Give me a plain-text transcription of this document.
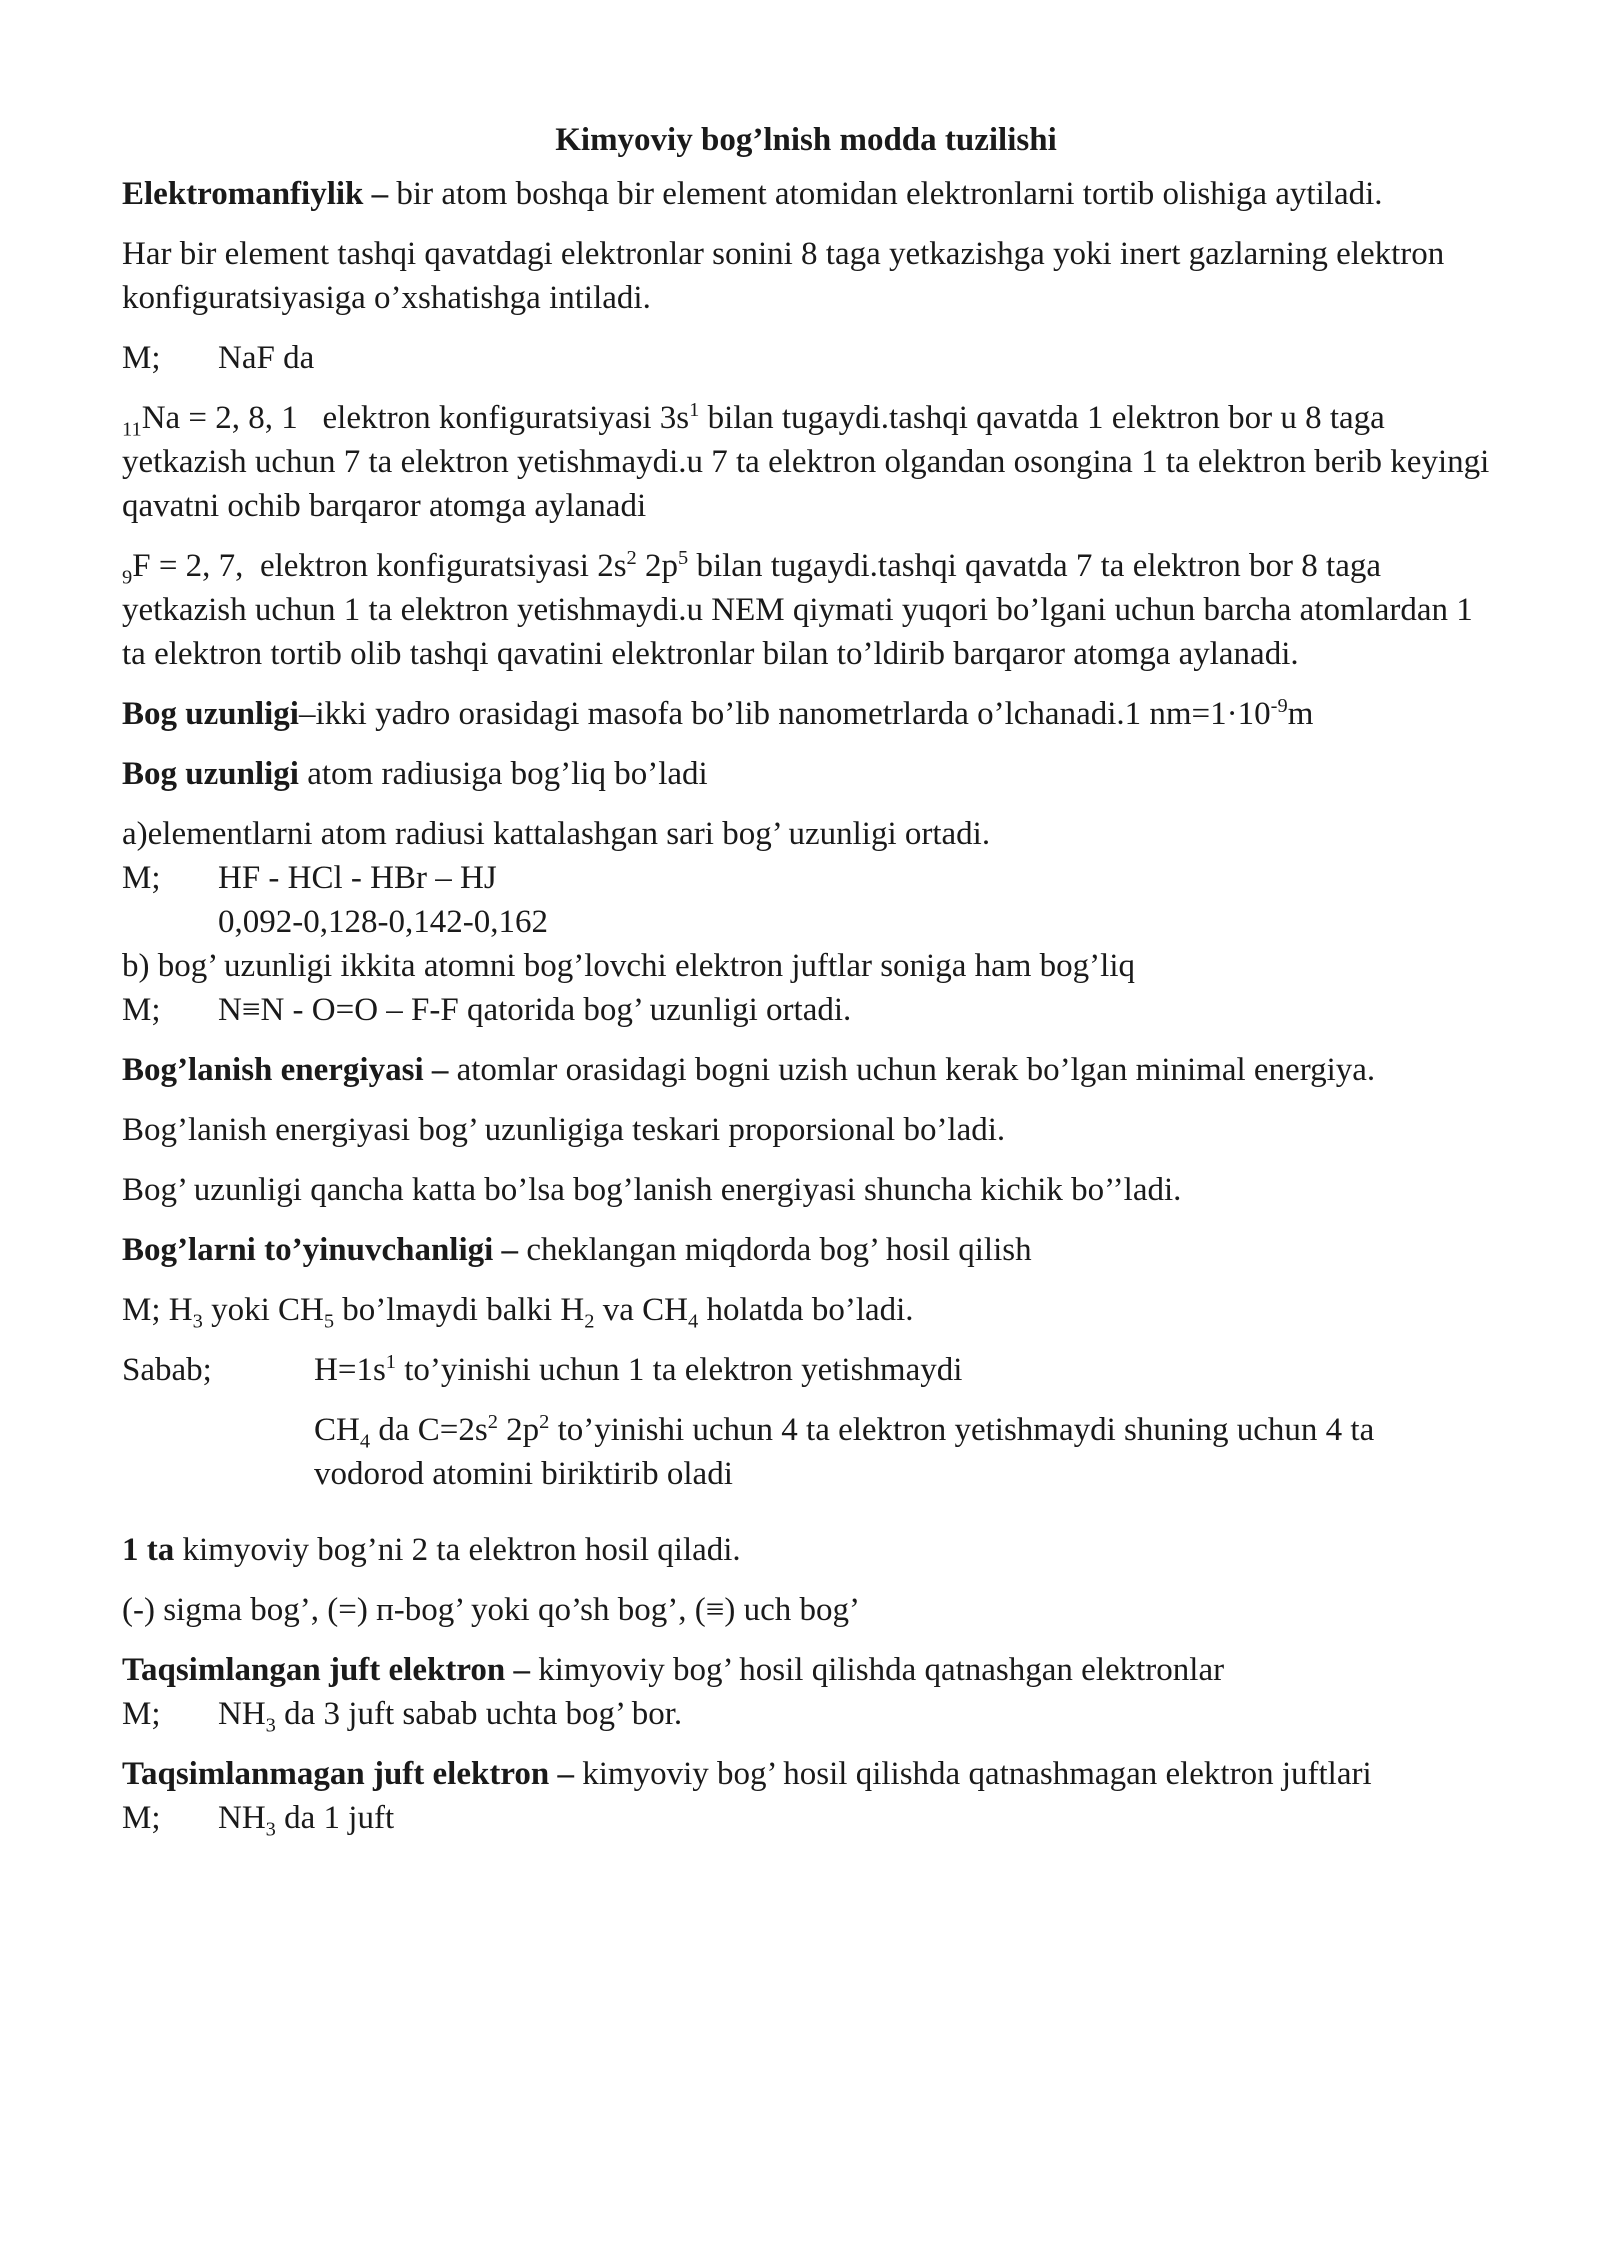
Kimyoviy bog’lnish modda tuzilishi
Elektromanfiylik – bir atom boshqa bir element atomidan elektronlarni tortib olishiga aytiladi.
Har bir element tashqi qavatdagi elektronlar sonini 8 taga yetkazishga yoki inert gazlarning elektron konfiguratsiyasiga o’xshatishga intiladi.
M; NaF da
$_{11}$Na = 2, 8, 1 elektron konfiguratsiyasi $3s^1$ bilan tugaydi.tashqi qavatda 1 elektron bor u 8 taga yetkazish uchun 7 ta elektron yetishmaydi.u 7 ta elektron olgandan osongina 1 ta elektron berib keyingi qavatni ochib barqaror atomga aylanadi
$_9$F = 2, 7, elektron konfiguratsiyasi $2s^2$ $2p^5$ bilan tugaydi.tashqi qavatda 7 ta elektron bor 8 taga yetkazish uchun 1 ta elektron yetishmaydi.u NEM qiymati yuqori bo’lgani uchun barcha atomlardan 1 ta elektron tortib olib tashqi qavatini elektronlar bilan to’ldirib barqaror atomga aylanadi.
Bog uzunligi–ikki yadro orasidagi masofa bo’lib nanometrlarda o’lchanadi.1 $nm=1\cdot 10^{-9}m$
Bog uzunligi atom radiusiga bog’liq bo’ladi
a)elementlarni atom radiusi kattalashgan sari bog’ uzunligi ortadi.
M; HF - HCl - HBr – HJ
0,092-0,128-0,142-0,162
b) bog’ uzunligi ikkita atomni bog’lovchi elektron juftlar soniga ham bog’liq
M; N≡N - O=O – F-F qatorida bog’ uzunligi ortadi.
Bog’lanish energiyasi – atomlar orasidagi bogni uzish uchun kerak bo’lgan minimal energiya.
Bog’lanish energiyasi bog’ uzunligiga teskari proporsional bo’ladi.
Bog’ uzunligi qancha katta bo’lsa bog’lanish energiyasi shuncha kichik bo’’ladi.
Bog’larni to’yinuvchanligi – cheklangan miqdorda bog’ hosil qilish
M; $H_3$ yoki $CH_5$ bo’lmaydi balki $H_2$ va $CH_4$ holatda bo’ladi.
Sabab;	$H=1s^1$ to’yinishi uchun 1 ta elektron yetishmaydi
$CH_4$ da $C=2s^2$ $2p^2$ to’yinishi uchun 4 ta elektron yetishmaydi shuning uchun 4 ta vodorod atomini biriktirib oladi
1 ta kimyoviy bog’ni 2 ta elektron hosil qiladi.
(-) sigma bog’, (=) п-bog’ yoki qo’sh bog’, (≡) uch bog’
Taqsimlangan juft elektron – kimyoviy bog’ hosil qilishda qatnashgan elektronlar
M; $NH_3$ da 3 juft sabab uchta bog’ bor.
Taqsimlanmagan juft elektron – kimyoviy bog’ hosil qilishda qatnashmagan elektron juftlari
M; $NH_3$ da 1 juft
